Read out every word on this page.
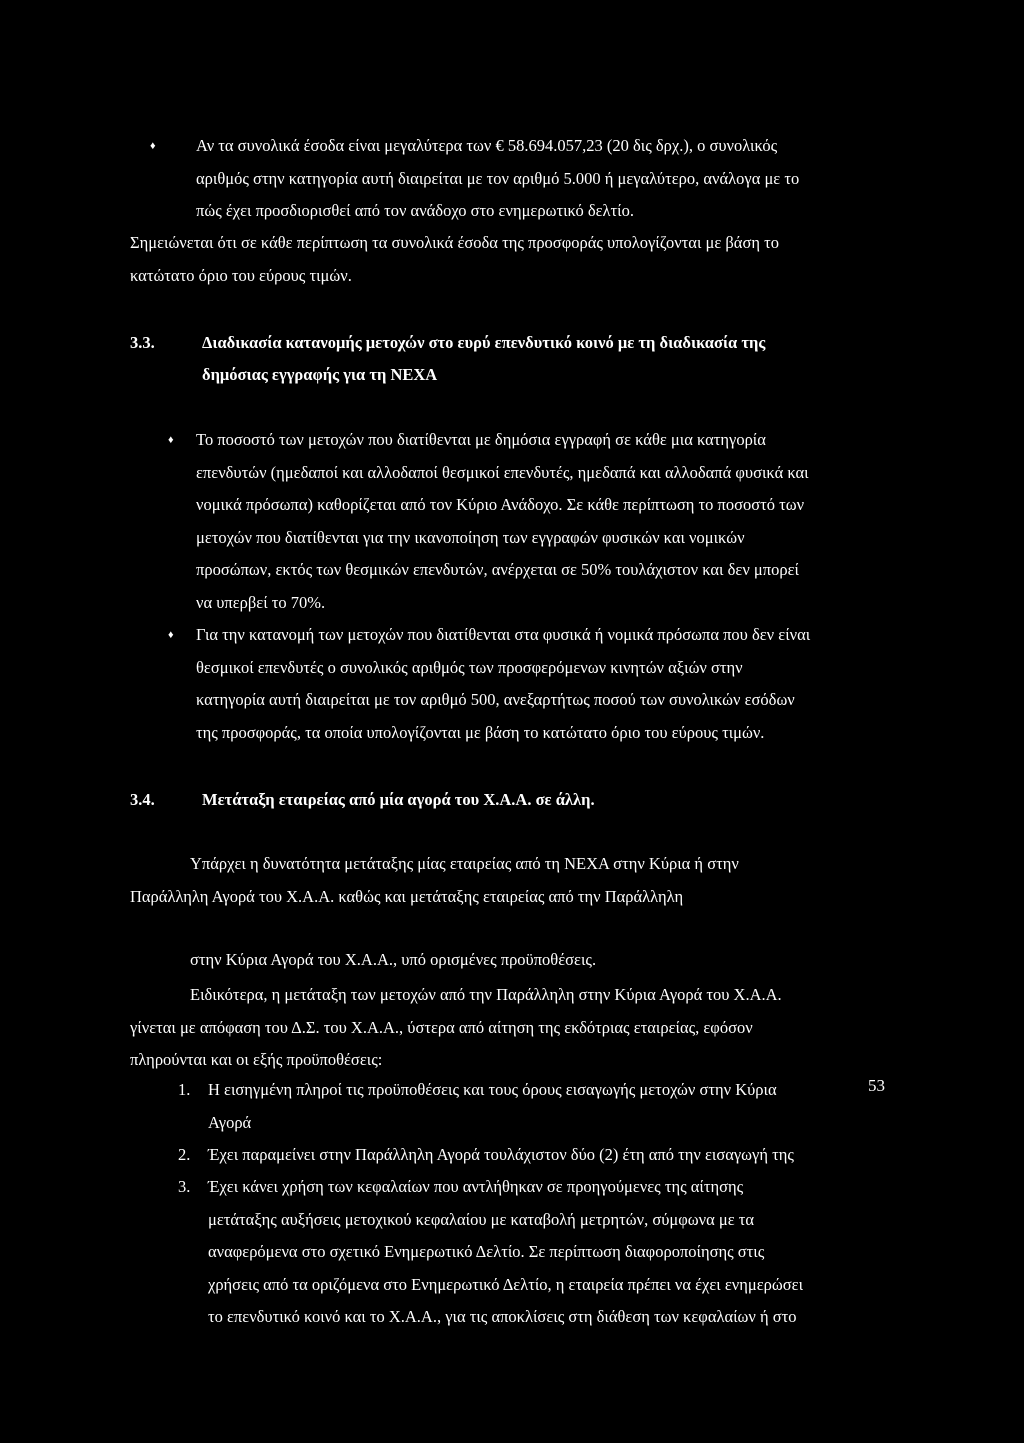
♦ Αν τα συνολικά έσοδα είναι μεγαλύτερα των € 58.694.057,23 (20 δις δρχ.), ο συνολικός

αριθμός στην κατηγορία αυτή διαιρείται με τον αριθμό 5.000 ή μεγαλύτερο, ανάλογα με το

πώς έχει προσδιορισθεί από τον ανάδοχο στο ενημερωτικό δελτίο.

Σημειώνεται ότι σε κάθε περίπτωση τα συνολικά έσοδα της προσφοράς υπολογίζονται με βάση το

κατώτατο όριο του εύρους τιμών.

3.3.	Διαδικασία κατανομής μετοχών στο ευρύ επενδυτικό κοινό με τη διαδικασία της
δημόσιας εγγραφής για τη ΝΕΧΑ
♦ Το ποσοστό των μετοχών που διατίθενται με δημόσια εγγραφή σε κάθε μια κατηγορία

επενδυτών (ημεδαποί και αλλοδαποί θεσμικοί επενδυτές, ημεδαπά και αλλοδαπά φυσικά και

νομικά πρόσωπα) καθορίζεται από τον Κύριο Ανάδοχο. Σε κάθε περίπτωση το ποσοστό των

μετοχών που διατίθενται για την ικανοποίηση των εγγραφών φυσικών και νομικών

προσώπων, εκτός των θεσμικών επενδυτών, ανέρχεται σε 50% τουλάχιστον και δεν μπορεί

να υπερβεί το 70%.

♦ Για την κατανομή των μετοχών που διατίθενται στα φυσικά ή νομικά πρόσωπα που δεν είναι

θεσμικοί επενδυτές ο συνολικός αριθμός των προσφερόμενων κινητών αξιών στην

κατηγορία αυτή διαιρείται με τον αριθμό 500, ανεξαρτήτως ποσού των συνολικών εσόδων

της προσφοράς, τα οποία υπολογίζονται με βάση το κατώτατο όριο του εύρους τιμών.

3.4.	Μετάταξη εταιρείας από μία αγορά του Χ.Α.Α. σε άλλη.

Υπάρχει η δυνατότητα μετάταξης μίας εταιρείας από τη ΝΕΧΑ στην Κύρια ή στην

Παράλληλη Αγορά του Χ.Α.Α. καθώς και μετάταξης εταιρείας από την Παράλληλη

στην Κύρια Αγορά του Χ.Α.Α., υπό ορισμένες προϋποθέσεις.

Ειδικότερα, η μετάταξη των μετοχών από την Παράλληλη στην Κύρια Αγορά του Χ.Α.Α.

γίνεται με απόφαση του Δ.Σ. του Χ.Α.Α., ύστερα από αίτηση της εκδότριας εταιρείας, εφόσον

πληρούνται και οι εξής προϋποθέσεις:

1. Η εισηγμένη πληροί τις προϋποθέσεις και τους όρους εισαγωγής μετοχών στην Κύρια

Αγορά

2. Έχει παραμείνει στην Παράλληλη Αγορά τουλάχιστον δύο (2) έτη από την εισαγωγή της

3. Έχει κάνει χρήση των κεφαλαίων που αντλήθηκαν σε προηγούμενες της αίτησης

μετάταξης αυξήσεις μετοχικού κεφαλαίου με καταβολή μετρητών, σύμφωνα με τα

αναφερόμενα στο σχετικό Ενημερωτικό Δελτίο. Σε περίπτωση διαφοροποίησης στις

χρήσεις από τα οριζόμενα στο Ενημερωτικό Δελτίο, η εταιρεία πρέπει να έχει ενημερώσει

το επενδυτικό κοινό και το Χ.Α.Α., για τις αποκλίσεις στη διάθεση των κεφαλαίων ή στο

53
